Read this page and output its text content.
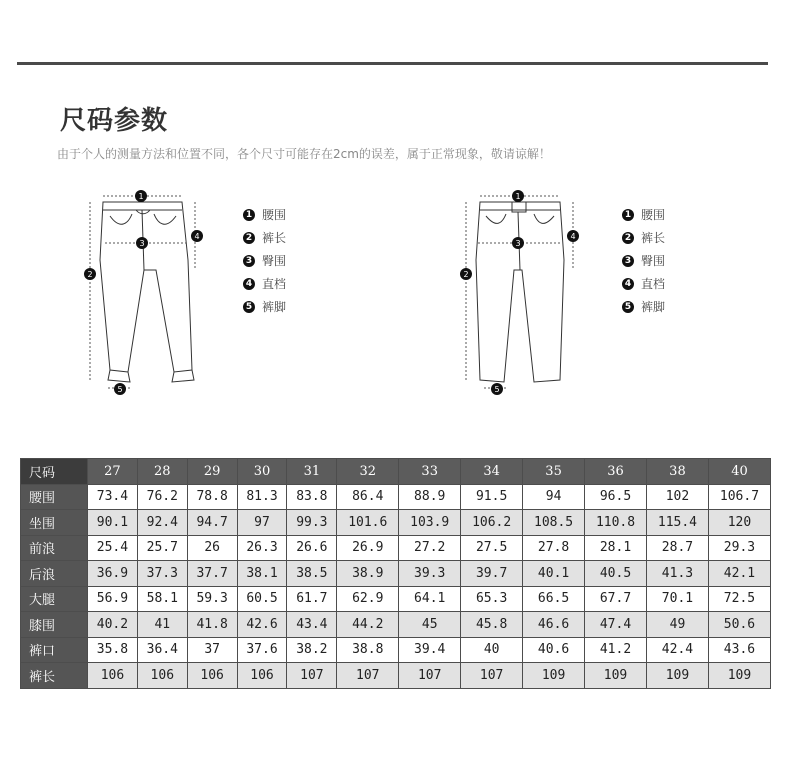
尺码参数
由于个人的测量方法和位置不同，各个尺寸可能存在2cm的误差，属于正常现象，敬请谅解！
1
2
3
4
5
1 腰围
2 裤长
3 臀围
4 直档
5 裤脚
1
2
3
4
5
1 腰围
2 裤长
3 臀围
4 直档
5 裤脚
尺码	27	28	29	30	31	32	33	34	35	36	38	40
腰围	73.4	76.2	78.8	81.3	83.8	86.4	88.9	91.5	94	96.5	102	106.7
坐围	90.1	92.4	94.7	97	99.3	101.6	103.9	106.2	108.5	110.8	115.4	120
前浪	25.4	25.7	26	26.3	26.6	26.9	27.2	27.5	27.8	28.1	28.7	29.3
后浪	36.9	37.3	37.7	38.1	38.5	38.9	39.3	39.7	40.1	40.5	41.3	42.1
大腿	56.9	58.1	59.3	60.5	61.7	62.9	64.1	65.3	66.5	67.7	70.1	72.5
膝围	40.2	41	41.8	42.6	43.4	44.2	45	45.8	46.6	47.4	49	50.6
裤口	35.8	36.4	37	37.6	38.2	38.8	39.4	40	40.6	41.2	42.4	43.6
裤长	106	106	106	106	107	107	107	107	109	109	109	109
